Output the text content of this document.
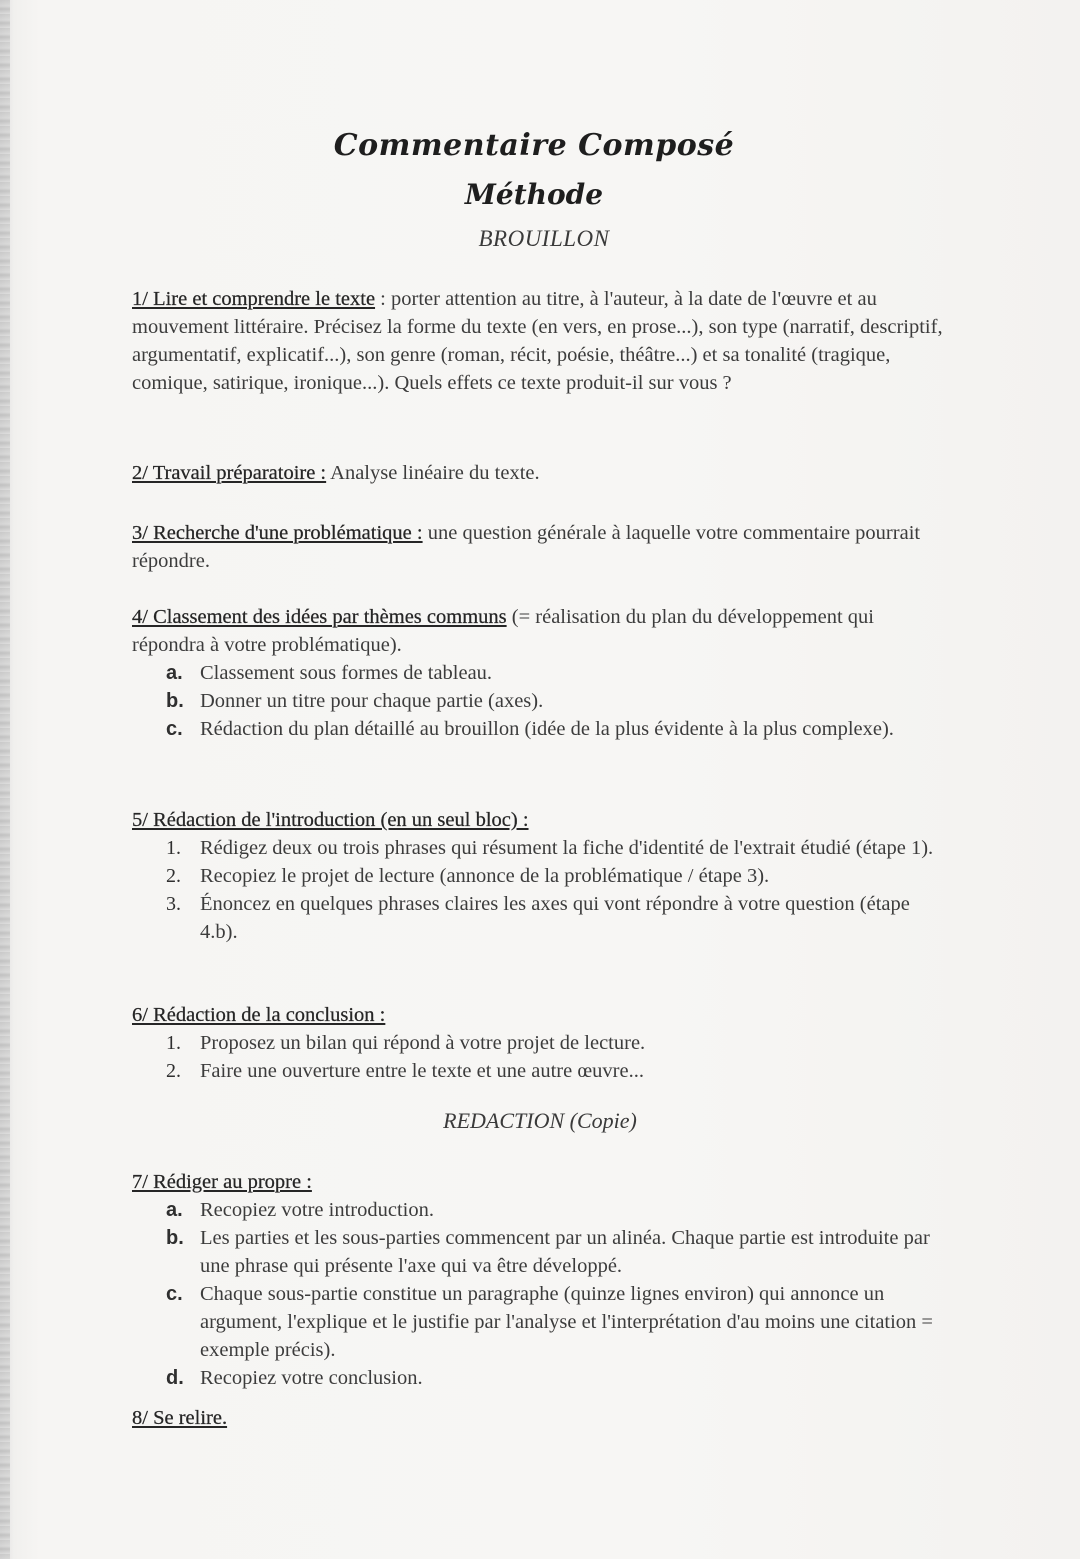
Commentaire Composé
Méthode
BROUILLON
1/ Lire et comprendre le texte : porter attention au titre, à l'auteur, à la date de l'œuvre et au mouvement littéraire. Précisez la forme du texte (en vers, en prose...), son type (narratif, descriptif, argumentatif, explicatif...), son genre (roman, récit, poésie, théâtre...) et sa tonalité (tragique, comique, satirique, ironique...). Quels effets ce texte produit-il sur vous ?
2/ Travail préparatoire : Analyse linéaire du texte.
3/ Recherche d'une problématique : une question générale à laquelle votre commentaire pourrait répondre.
4/ Classement des idées par thèmes communs (= réalisation du plan du développement qui répondra à votre problématique).
a. Classement sous formes de tableau.
b. Donner un titre pour chaque partie (axes).
c. Rédaction du plan détaillé au brouillon (idée de la plus évidente à la plus complexe).
5/ Rédaction de l'introduction (en un seul bloc) :
1. Rédigez deux ou trois phrases qui résument la fiche d'identité de l'extrait étudié (étape 1).
2. Recopiez le projet de lecture (annonce de la problématique / étape 3).
3. Énoncez en quelques phrases claires les axes qui vont répondre à votre question (étape 4.b).
6/ Rédaction de la conclusion :
1. Proposez un bilan qui répond à votre projet de lecture.
2. Faire une ouverture entre le texte et une autre œuvre...
REDACTION (Copie)
7/ Rédiger au propre :
a. Recopiez votre introduction.
b. Les parties et les sous-parties commencent par un alinéa. Chaque partie est introduite par une phrase qui présente l'axe qui va être développé.
c. Chaque sous-partie constitue un paragraphe (quinze lignes environ) qui annonce un argument, l'explique et le justifie par l'analyse et l'interprétation d'au moins une citation = exemple précis).
d. Recopiez votre conclusion.
8/ Se relire.
